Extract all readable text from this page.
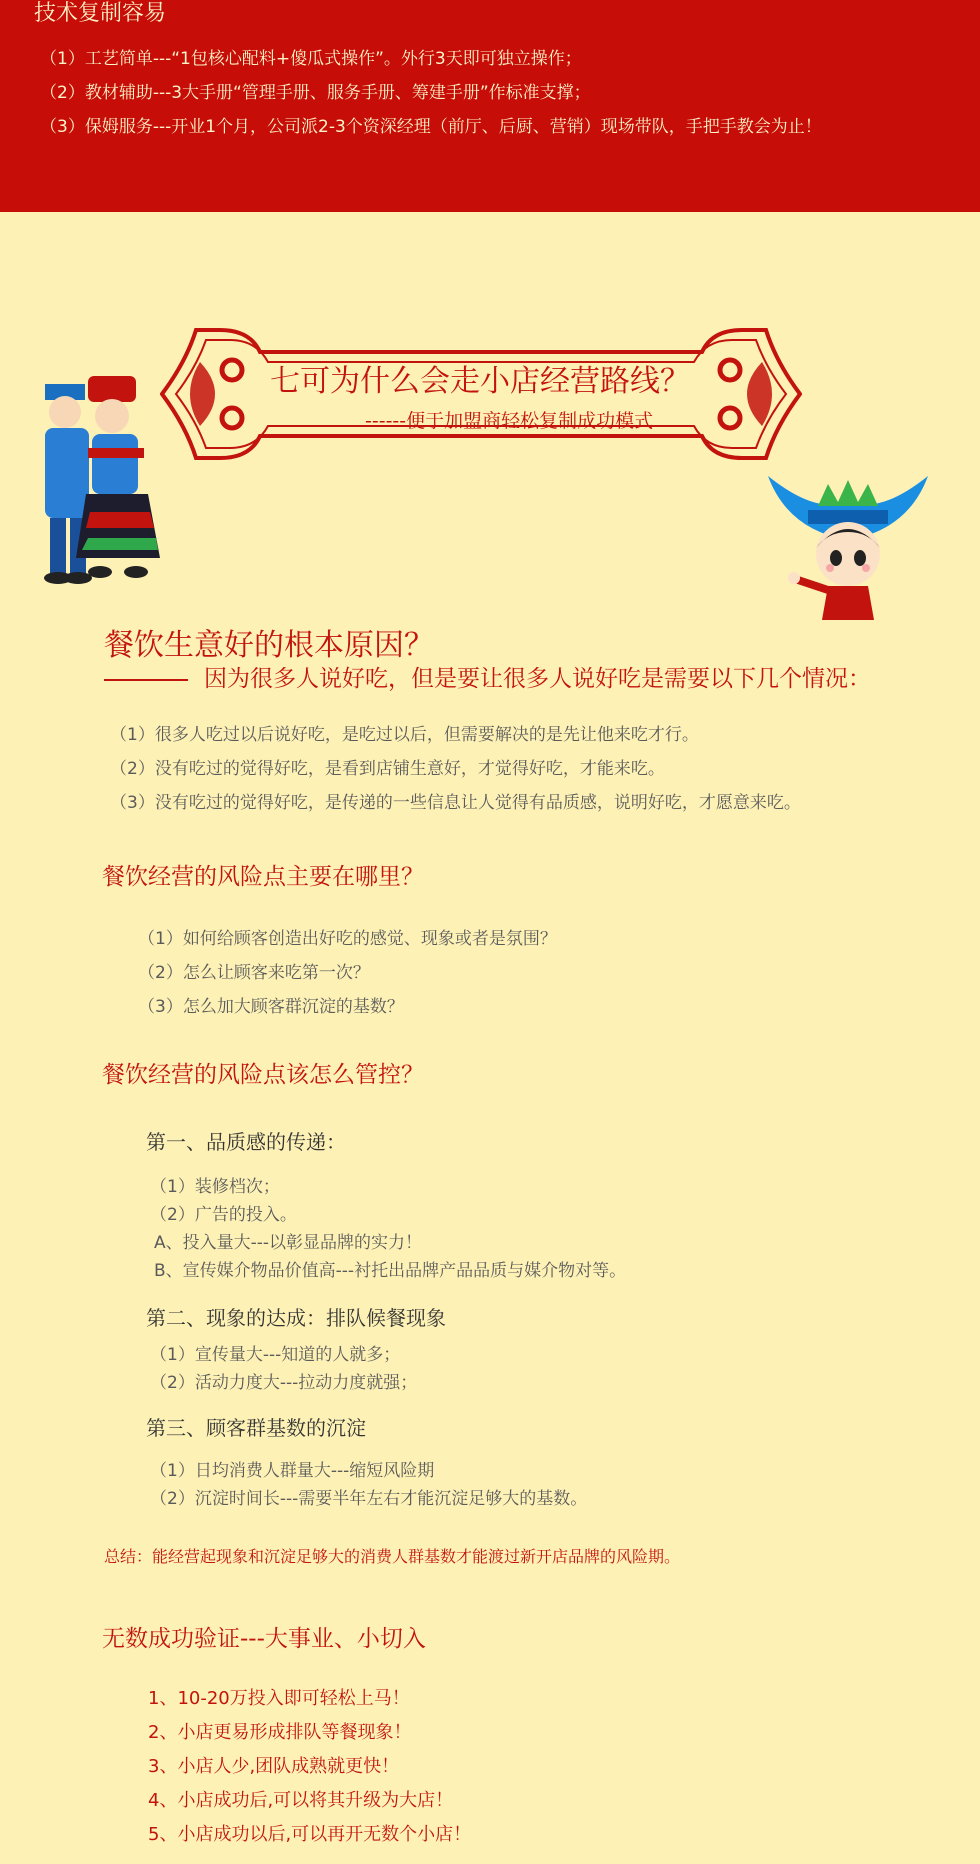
技术复制容易
（1）工艺简单---“1包核心配料+傻瓜式操作”。外行3天即可独立操作；
（2）教材辅助---3大手册“管理手册、服务手册、筹建手册”作标准支撑；
（3）保姆服务---开业1个月，公司派2-3个资深经理（前厅、后厨、营销）现场带队，手把手教会为止！
七可为什么会走小店经营路线？
------便于加盟商轻松复制成功模式
餐饮生意好的根本原因？
因为很多人说好吃，但是要让很多人说好吃是需要以下几个情况：
（1）很多人吃过以后说好吃，是吃过以后，但需要解决的是先让他来吃才行。
（2）没有吃过的觉得好吃，是看到店铺生意好，才觉得好吃，才能来吃。
（3）没有吃过的觉得好吃，是传递的一些信息让人觉得有品质感，说明好吃，才愿意来吃。
餐饮经营的风险点主要在哪里？
（1）如何给顾客创造出好吃的感觉、现象或者是氛围？
（2）怎么让顾客来吃第一次？
（3）怎么加大顾客群沉淀的基数？
餐饮经营的风险点该怎么管控？
第一、品质感的传递：
（1）装修档次；
（2）广告的投入。
A、投入量大---以彰显品牌的实力！
B、宣传媒介物品价值高---衬托出品牌产品品质与媒介物对等。
第二、现象的达成：排队候餐现象
（1）宣传量大---知道的人就多；
（2）活动力度大---拉动力度就强；
第三、顾客群基数的沉淀
（1）日均消费人群量大---缩短风险期
（2）沉淀时间长---需要半年左右才能沉淀足够大的基数。
总结：能经营起现象和沉淀足够大的消费人群基数才能渡过新开店品牌的风险期。
无数成功验证---大事业、小切入
1、10-20万投入即可轻松上马！
2、小店更易形成排队等餐现象！
3、小店人少,团队成熟就更快！
4、小店成功后,可以将其升级为大店！
5、小店成功以后,可以再开无数个小店！
